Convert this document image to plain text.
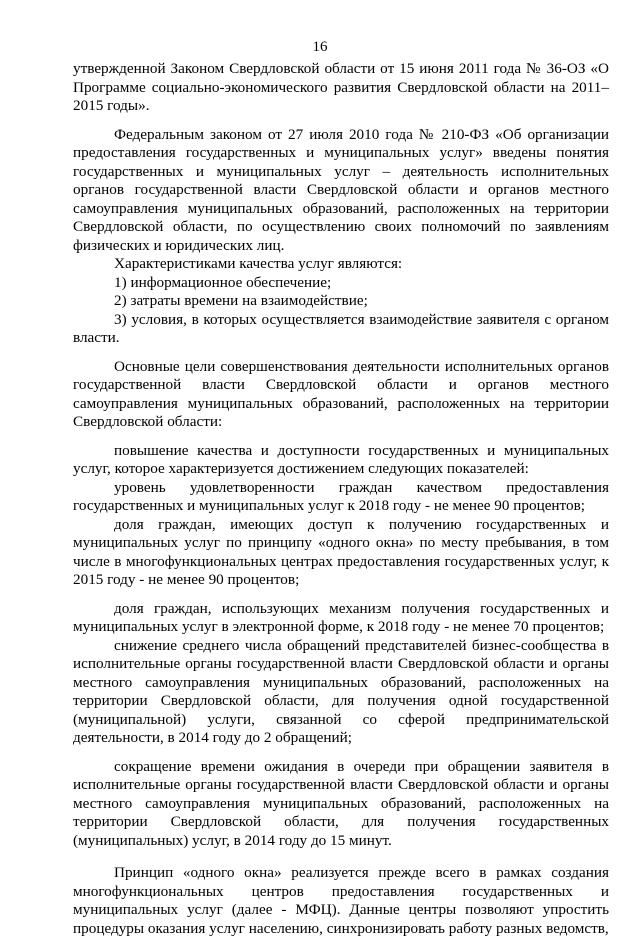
16

утвержденной Законом Свердловской области от 15 июня 2011 года № 36-ОЗ «О Программе социально-экономического развития Свердловской области на 2011–2015 годы».

Федеральным законом от 27 июля 2010 года № 210-ФЗ «Об организации предоставления государственных и муниципальных услуг» введены понятия государственных и муниципальных услуг – деятельность исполнительных органов государственной власти Свердловской области и органов местного самоуправления муниципальных образований, расположенных на территории Свердловской области, по осуществлению своих полномочий по заявлениям физических и юридических лиц.

Характеристиками качества услуг являются:

1) информационное обеспечение;

2) затраты времени на взаимодействие;

3) условия, в которых осуществляется взаимодействие заявителя с органом власти.

Основные цели совершенствования деятельности исполнительных органов государственной власти Свердловской области и органов местного самоуправления муниципальных образований, расположенных на территории Свердловской области:

повышение качества и доступности государственных и муниципальных услуг, которое характеризуется достижением следующих показателей:

уровень удовлетворенности граждан качеством предоставления государственных и муниципальных услуг к 2018 году - не менее 90 процентов;

доля граждан, имеющих доступ к получению государственных и муниципальных услуг по принципу «одного окна» по месту пребывания, в том числе в многофункциональных центрах предоставления государственных услуг, к 2015 году - не менее 90 процентов;

доля граждан, использующих механизм получения государственных и муниципальных услуг в электронной форме, к 2018 году - не менее 70 процентов;

снижение среднего числа обращений представителей бизнес-сообщества в исполнительные органы государственной власти Свердловской области и органы местного самоуправления муниципальных образований, расположенных на территории Свердловской области, для получения одной государственной (муниципальной) услуги, связанной со сферой предпринимательской деятельности, в 2014 году до 2 обращений;

сокращение времени ожидания в очереди при обращении заявителя в исполнительные органы государственной власти Свердловской области и органы местного самоуправления муниципальных образований, расположенных на территории Свердловской области, для получения государственных (муниципальных) услуг, в 2014 году до 15 минут.

Принцип «одного окна» реализуется прежде всего в рамках создания многофункциональных центров предоставления государственных и муниципальных услуг (далее - МФЦ). Данные центры позволяют упростить процедуры оказания услуг населению, синхронизировать работу разных ведомств,
